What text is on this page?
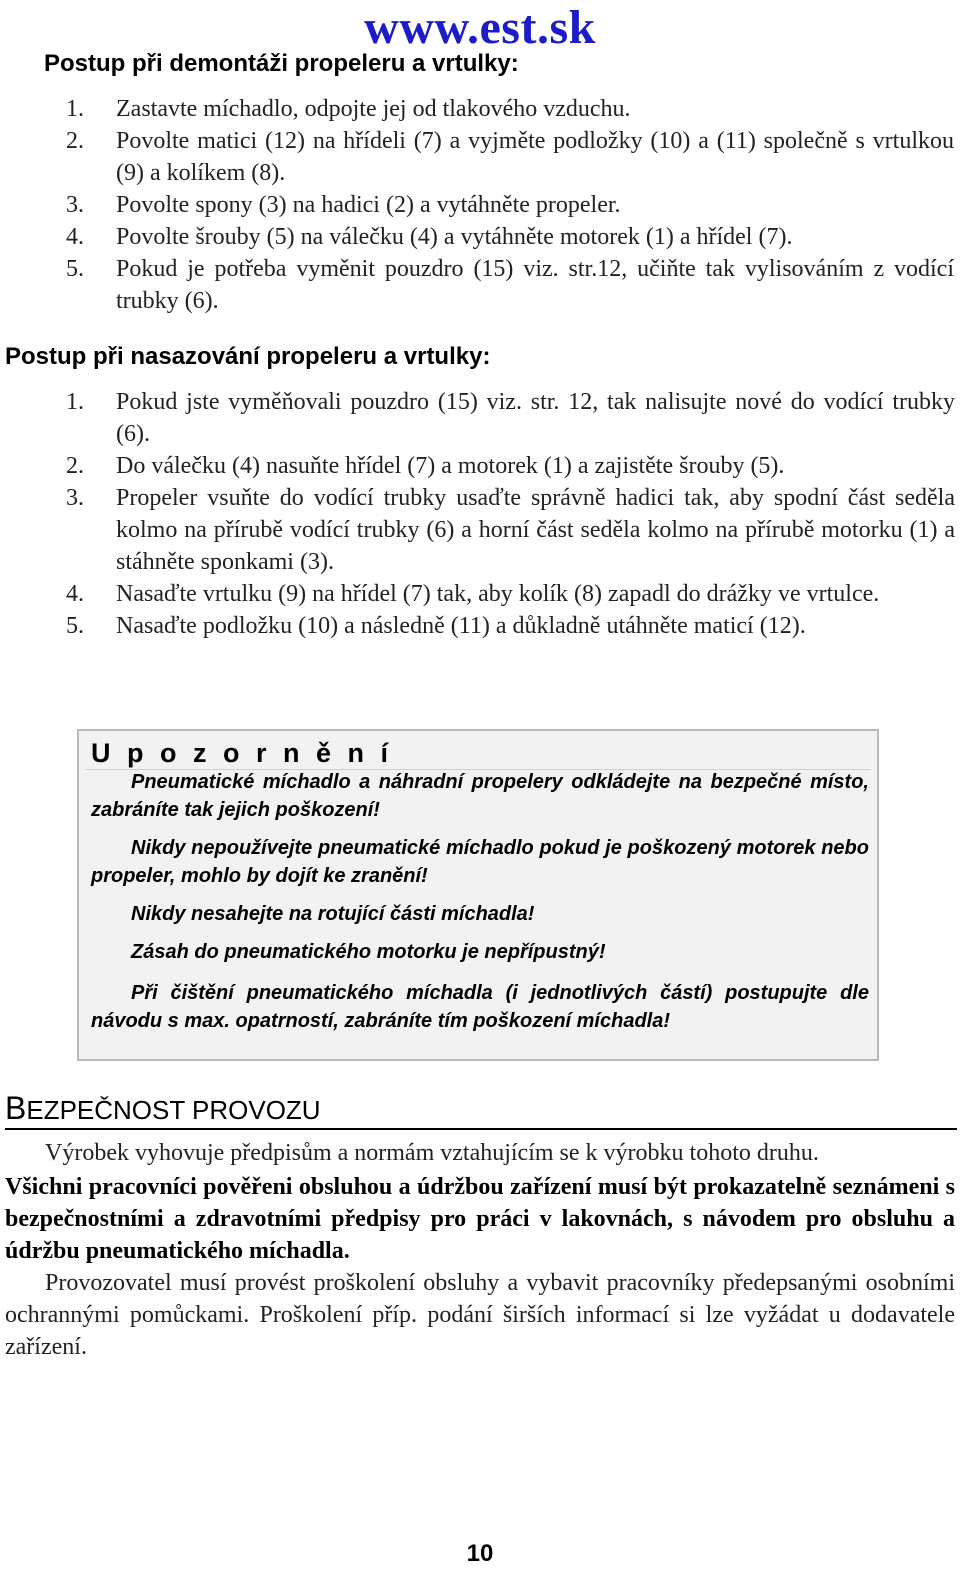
www.est.sk
Postup při demontáži propeleru a vrtulky:
1. Zastavte míchadlo, odpojte jej od tlakového vzduchu.
2. Povolte matici (12) na hřídeli (7) a vyjměte podložky (10) a (11) společně s vrtulkou (9) a kolíkem (8).
3. Povolte spony (3) na hadici (2) a vytáhněte propeler.
4. Povolte šrouby (5) na válečku (4) a vytáhněte motorek (1) a hřídel (7).
5. Pokud je potřeba vyměnit pouzdro (15) viz. str.12, učiňte tak vylisováním z vodící trubky (6).
Postup při nasazování propeleru a vrtulky:
1. Pokud jste vyměňovali pouzdro (15) viz. str. 12, tak nalisujte nové do vodící trubky (6).
2. Do válečku (4) nasuňte hřídel (7) a motorek (1) a zajistěte šrouby (5).
3. Propeler vsuňte do vodící trubky usaďte správně hadici tak, aby spodní část seděla kolmo na přírubě vodící trubky (6) a horní část seděla kolmo na přírubě motorku (1) a stáhněte sponkami (3).
4. Nasaďte vrtulku (9) na hřídel (7) tak, aby kolík (8) zapadl do drážky ve vrtulce.
5. Nasaďte podložku (10) a následně (11) a důkladně utáhněte maticí (12).
Upozornění
Pneumatické míchadlo a náhradní propelery odkládejte na bezpečné místo, zabráníte tak jejich poškození!
Nikdy nepoužívejte pneumatické míchadlo pokud je poškozený motorek nebo propeler, mohlo by dojít ke zranění!
Nikdy nesahejte na rotující části míchadla!
Zásah do pneumatického motorku je nepřípustný!
Při čištění pneumatického míchadla (i jednotlivých částí) postupujte dle návodu s max. opatrností, zabráníte tím poškození míchadla!
BEZPEČNOST PROVOZU
Výrobek vyhovuje předpisům a normám vztahujícím se k výrobku tohoto druhu.
Všichni pracovníci pověřeni obsluhou a údržbou zařízení musí být prokazatelně seznámeni s bezpečnostními a zdravotními předpisy pro práci v lakovnách, s návodem pro obsluhu a údržbu pneumatického míchadla.
Provozovatel musí provést proškolení obsluhy a vybavit pracovníky předepsanými osobními ochrannými pomůckami. Proškolení příp. podání širších informací si lze vyžádat u dodavatele zařízení.
10
